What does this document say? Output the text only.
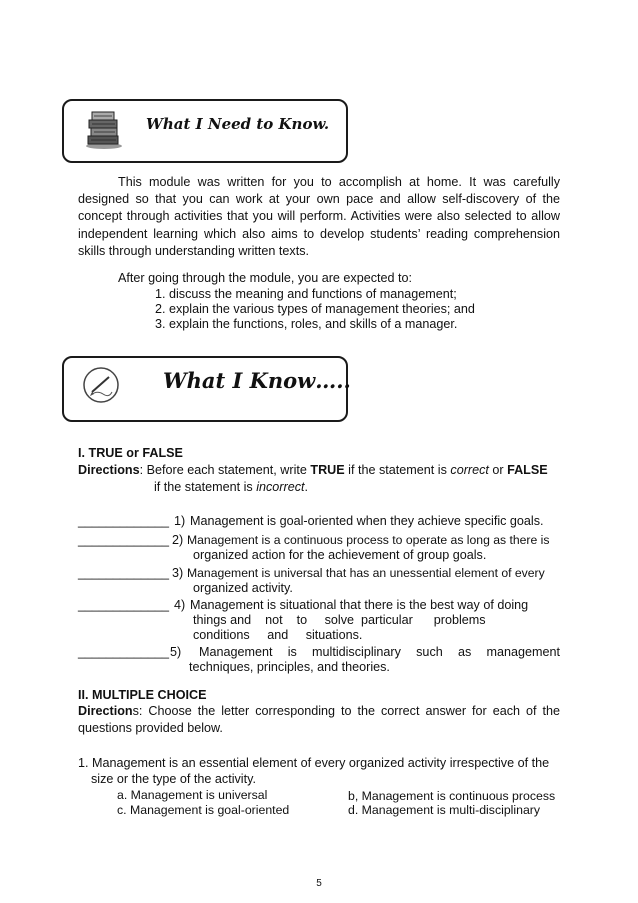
What I Need to Know.

This module was written for you to accomplish at home. It was carefully designed so that you can work at your own pace and allow self-discovery of the concept through activities that you will perform. Activities were also selected to allow independent learning which also aims to develop students’ reading comprehension skills through understanding written texts.

After going through the module, you are expected to:

1. discuss the meaning and functions of management;

2. explain the various types of management theories; and

3. explain the functions, roles, and skills of a manager.

What I Know…..

I. TRUE or FALSE

Directions: Before each statement, write TRUE if the statement is correct or FALSE

if the statement is incorrect.

_____________ 1) Management is goal-oriented when they achieve specific goals.
_____________ 2) Management is a continuous process to operate as long as there is
organized action for the achievement of group goals.
_____________ 3) Management is universal that has an unessential element of every
organized activity.
_____________ 4) Management is situational that there is the best way of doing
things and    not    to     solve  particular      problems
conditions     and     situations.
_____________ 5) Management is multidisciplinary such as management
techniques, principles, and theories.

II. MULTIPLE CHOICE

Directions: Choose the letter corresponding to the correct answer for each of the questions provided below.

1. Management is an essential element of every organized activity irrespective of the

size or the type of the activity.

a. Management is universal	b, Management is continuous process
c. Management is goal-oriented	d. Management is multi-disciplinary
5
